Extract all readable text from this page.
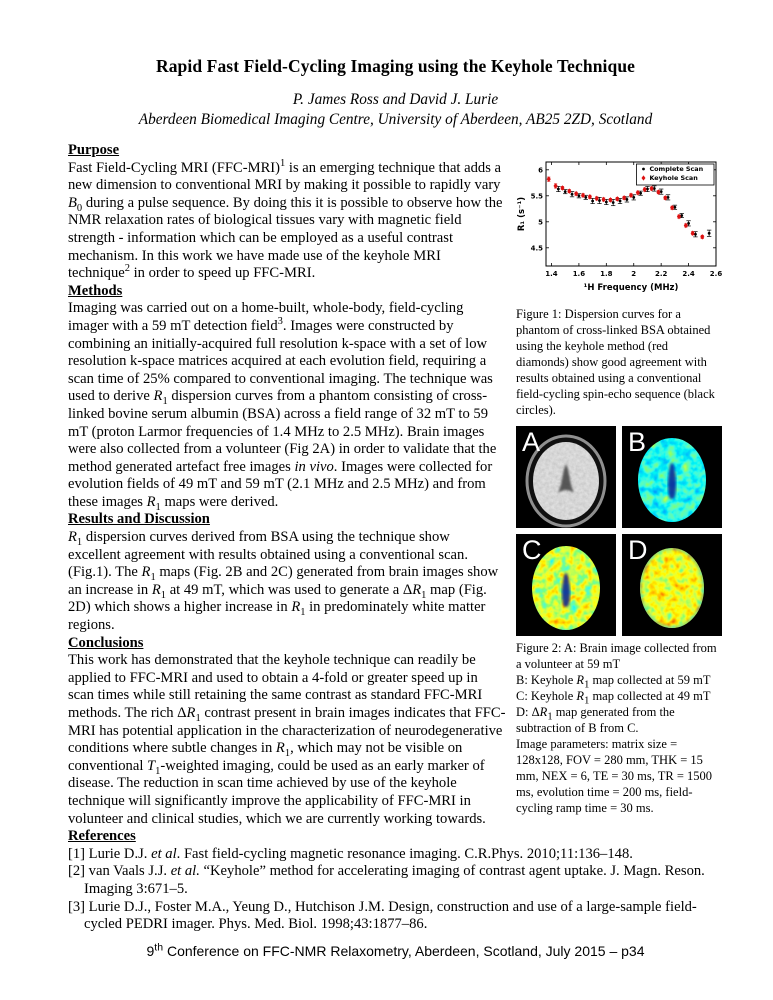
Rapid Fast Field-Cycling Imaging using the Keyhole Technique
P. James Ross and David J. Lurie
Aberdeen Biomedical Imaging Centre, University of Aberdeen, AB25 2ZD, Scotland
1.4 1.6 1.8	2	2.2 2.4 2.6
4.5
5
5.5
6
¹H Frequency (MHz)
R₁ (s⁻¹)
Complete Scan
Keyhole Scan
Figure 1: Dispersion curves for a phantom of cross-linked BSA obtained using the keyhole method (red diamonds) show good agreement with results obtained using a conventional field-cycling spin-echo sequence (black circles).
A	B
C	D
Figure 2: A: Brain image collected from a volunteer at 59 mT
B: Keyhole $R_1$ map collected at 59 mT
C: Keyhole $R_1$ map collected at 49 mT
D: $\Delta R_1$ map generated from the subtraction of B from C.
Image parameters: matrix size = 128x128, FOV = 280 mm, THK = 15 mm, NEX = 6, TE = 30 ms, TR = 1500 ms, evolution time = 200 ms, field-cycling ramp time = 30 ms.
Purpose
Fast Field-Cycling MRI $(FFC-MRI)^1$ is an emerging technique that adds a new dimension to conventional MRI by making it possible to rapidly vary $B_0$ during a pulse sequence. By doing this it is possible to observe how the NMR relaxation rates of biological tissues vary with magnetic field strength - information which can be employed as a useful contrast mechanism. In this work we have made use of the keyhole MRI technique$^2$ in order to speed up FFC-MRI.
Methods
Imaging was carried out on a home-built, whole-body, field-cycling imager with a 59 mT detection field$^3$. Images were constructed by combining an initially-acquired full resolution k-space with a set of low resolution k-space matrices acquired at each evolution field, requiring a scan time of 25% compared to conventional imaging. The technique was used to derive $R_1$ dispersion curves from a phantom consisting of cross-linked bovine serum albumin (BSA) across a field range of 32 mT to 59 mT (proton Larmor frequencies of 1.4 MHz to 2.5 MHz). Brain images were also collected from a volunteer (Fig 2A) in order to validate that the method generated artefact free images in vivo. Images were collected for evolution fields of 49 mT and 59 mT (2.1 MHz and 2.5 MHz) and from these images $R_1$ maps were derived.
Results and Discussion
$R_1$ dispersion curves derived from BSA using the technique show excellent agreement with results obtained using a conventional scan. (Fig.1). The $R_1$ maps (Fig. 2B and 2C) generated from brain images show an increase in $R_1$ at 49 mT, which was used to generate a $\Delta R_1$ map (Fig. 2D) which shows a higher increase in $R_1$ in predominately white matter regions.
Conclusions
This work has demonstrated that the keyhole technique can readily be applied to FFC-MRI and used to obtain a 4-fold or greater speed up in scan times while still retaining the same contrast as standard FFC-MRI methods. The rich $\Delta R_1$ contrast present in brain images indicates that FFC-MRI has potential application in the characterization of neurodegenerative conditions where subtle changes in $R_1$, which may not be visible on conventional $T_1$-weighted imaging, could be used as an early marker of disease. The reduction in scan time achieved by use of the keyhole technique will significantly improve the applicability of FFC-MRI in volunteer and clinical studies, which we are currently working towards.
References
[1] Lurie D.J. et al. Fast field-cycling magnetic resonance imaging. C.R.Phys. 2010;11:136–148.
[2] van Vaals J.J. et al. “Keyhole” method for accelerating imaging of contrast agent uptake. J. Magn. Reson. Imaging 3:671–5.
[3] Lurie D.J., Foster M.A., Yeung D., Hutchison J.M. Design, construction and use of a large-sample field-cycled PEDRI imager. Phys. Med. Biol. 1998;43:1877–86.
9th Conference on FFC-NMR Relaxometry, Aberdeen, Scotland, July 2015 – p34
